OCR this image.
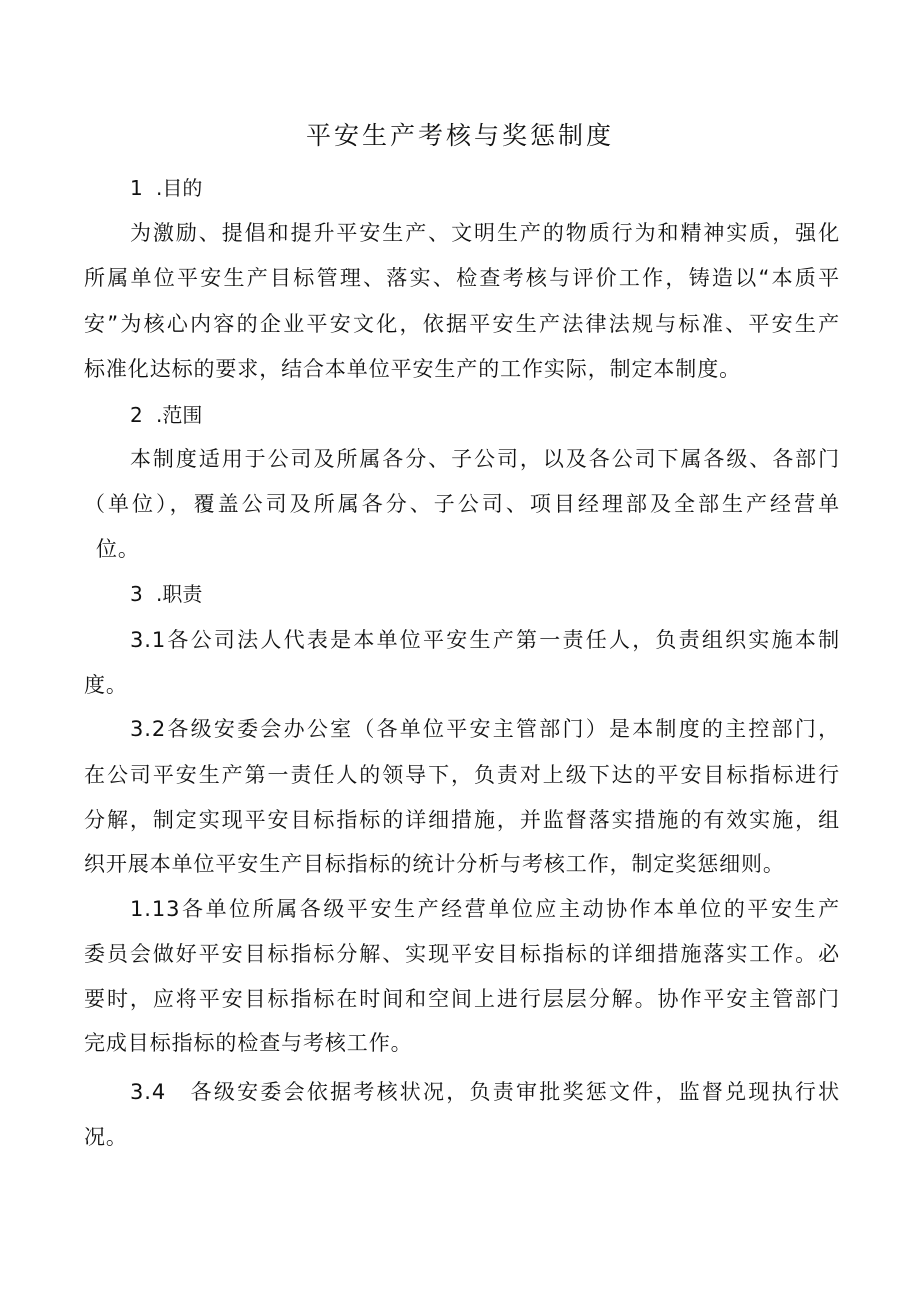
平安生产考核与奖惩制度
1 .目的
为激励、提倡和提升平安生产、文明生产的物质行为和精神实质，强化
所属单位平安生产目标管理、落实、检查考核与评价工作，铸造以“本质平
安”为核心内容的企业平安文化，依据平安生产法律法规与标准、平安生产
标准化达标的要求，结合本单位平安生产的工作实际，制定本制度。
2 .范围
本制度适用于公司及所属各分、子公司，以及各公司下属各级、各部门
（单位），覆盖公司及所属各分、子公司、项目经理部及全部生产经营单
位。
3 .职责
3.1各公司法人代表是本单位平安生产第一责任人，负责组织实施本制
度。
3.2各级安委会办公室（各单位平安主管部门）是本制度的主控部门，
在公司平安生产第一责任人的领导下，负责对上级下达的平安目标指标进行
分解，制定实现平安目标指标的详细措施，并监督落实措施的有效实施，组
织开展本单位平安生产目标指标的统计分析与考核工作，制定奖惩细则。
1.13各单位所属各级平安生产经营单位应主动协作本单位的平安生产
委员会做好平安目标指标分解、实现平安目标指标的详细措施落实工作。必
要时，应将平安目标指标在时间和空间上进行层层分解。协作平安主管部门
完成目标指标的检查与考核工作。
3.4　各级安委会依据考核状况，负责审批奖惩文件，监督兑现执行状
况。
